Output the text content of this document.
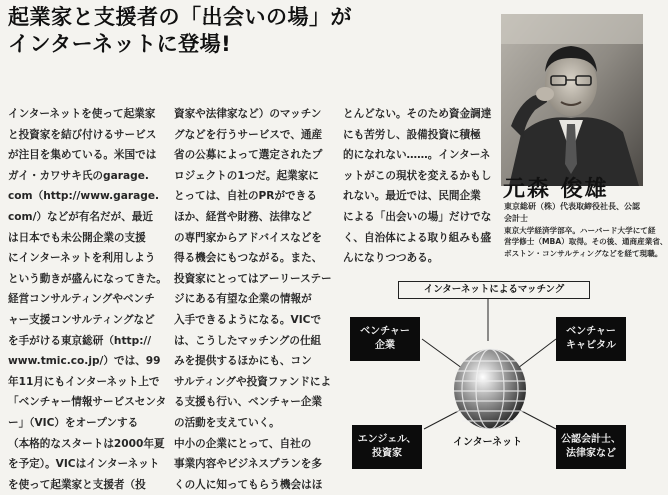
起業家と支援者の「出会いの場」が
インターネットに登場!
インターネットを使って起業家
と投資家を結び付けるサービス
が注目を集めている。米国では
ガイ・カワサキ氏のgarage.
com（http://www.garage.
com/）などが有名だが、最近
は日本でも未公開企業の支援
にインターネットを利用しよう
という動きが盛んになってきた。
経営コンサルティングやベンチ
ャー支援コンサルティングなど
を手がける東京総研（http://
www.tmic.co.jp/）では、99
年11月にもインターネット上で
「ベンチャー情報サービスセンタ
ー」（VIC）をオープンする
（本格的なスタートは2000年夏
を予定）。VICはインターネット
を使って起業家と支援者（投
資家や法律家など）のマッチン
グなどを行うサービスで、通産
省の公募によって選定されたプ
ロジェクトの1つだ。起業家に
とっては、自社のPRができる
ほか、経営や財務、法律など
の専門家からアドバイスなどを
得る機会にもつながる。また、
投資家にとってはアーリーステー
ジにある有望な企業の情報が
入手できるようになる。VICで
は、こうしたマッチングの仕組
みを提供するほかにも、コン
サルティングや投資ファンドによ
る支援も行い、ベンチャー企業
の活動を支えていく。
中小の企業にとって、自社の
事業内容やビジネスプランを多
くの人に知ってもらう機会はほ
とんどない。そのため資金調達
にも苦労し、設備投資に積極
的になれない……。インターネ
ットがこの現状を変えるかもし
れない。最近では、民間企業
による「出会いの場」だけでな
く、自治体による取り組みも盛
んになりつつある。
元森 俊雄
東京総研（株）代表取締役社長、公認
会計士
東京大学経済学部卒。ハーバード大学にて経
営学修士（MBA）取得。その後、通商産業省、
ボストン・コンサルティングなどを経て現職。
インターネットによるマッチング
ベンチャー
企業
ベンチャー
キャピタル
エンジェル、
投資家
公認会計士、
法律家など
インターネット
